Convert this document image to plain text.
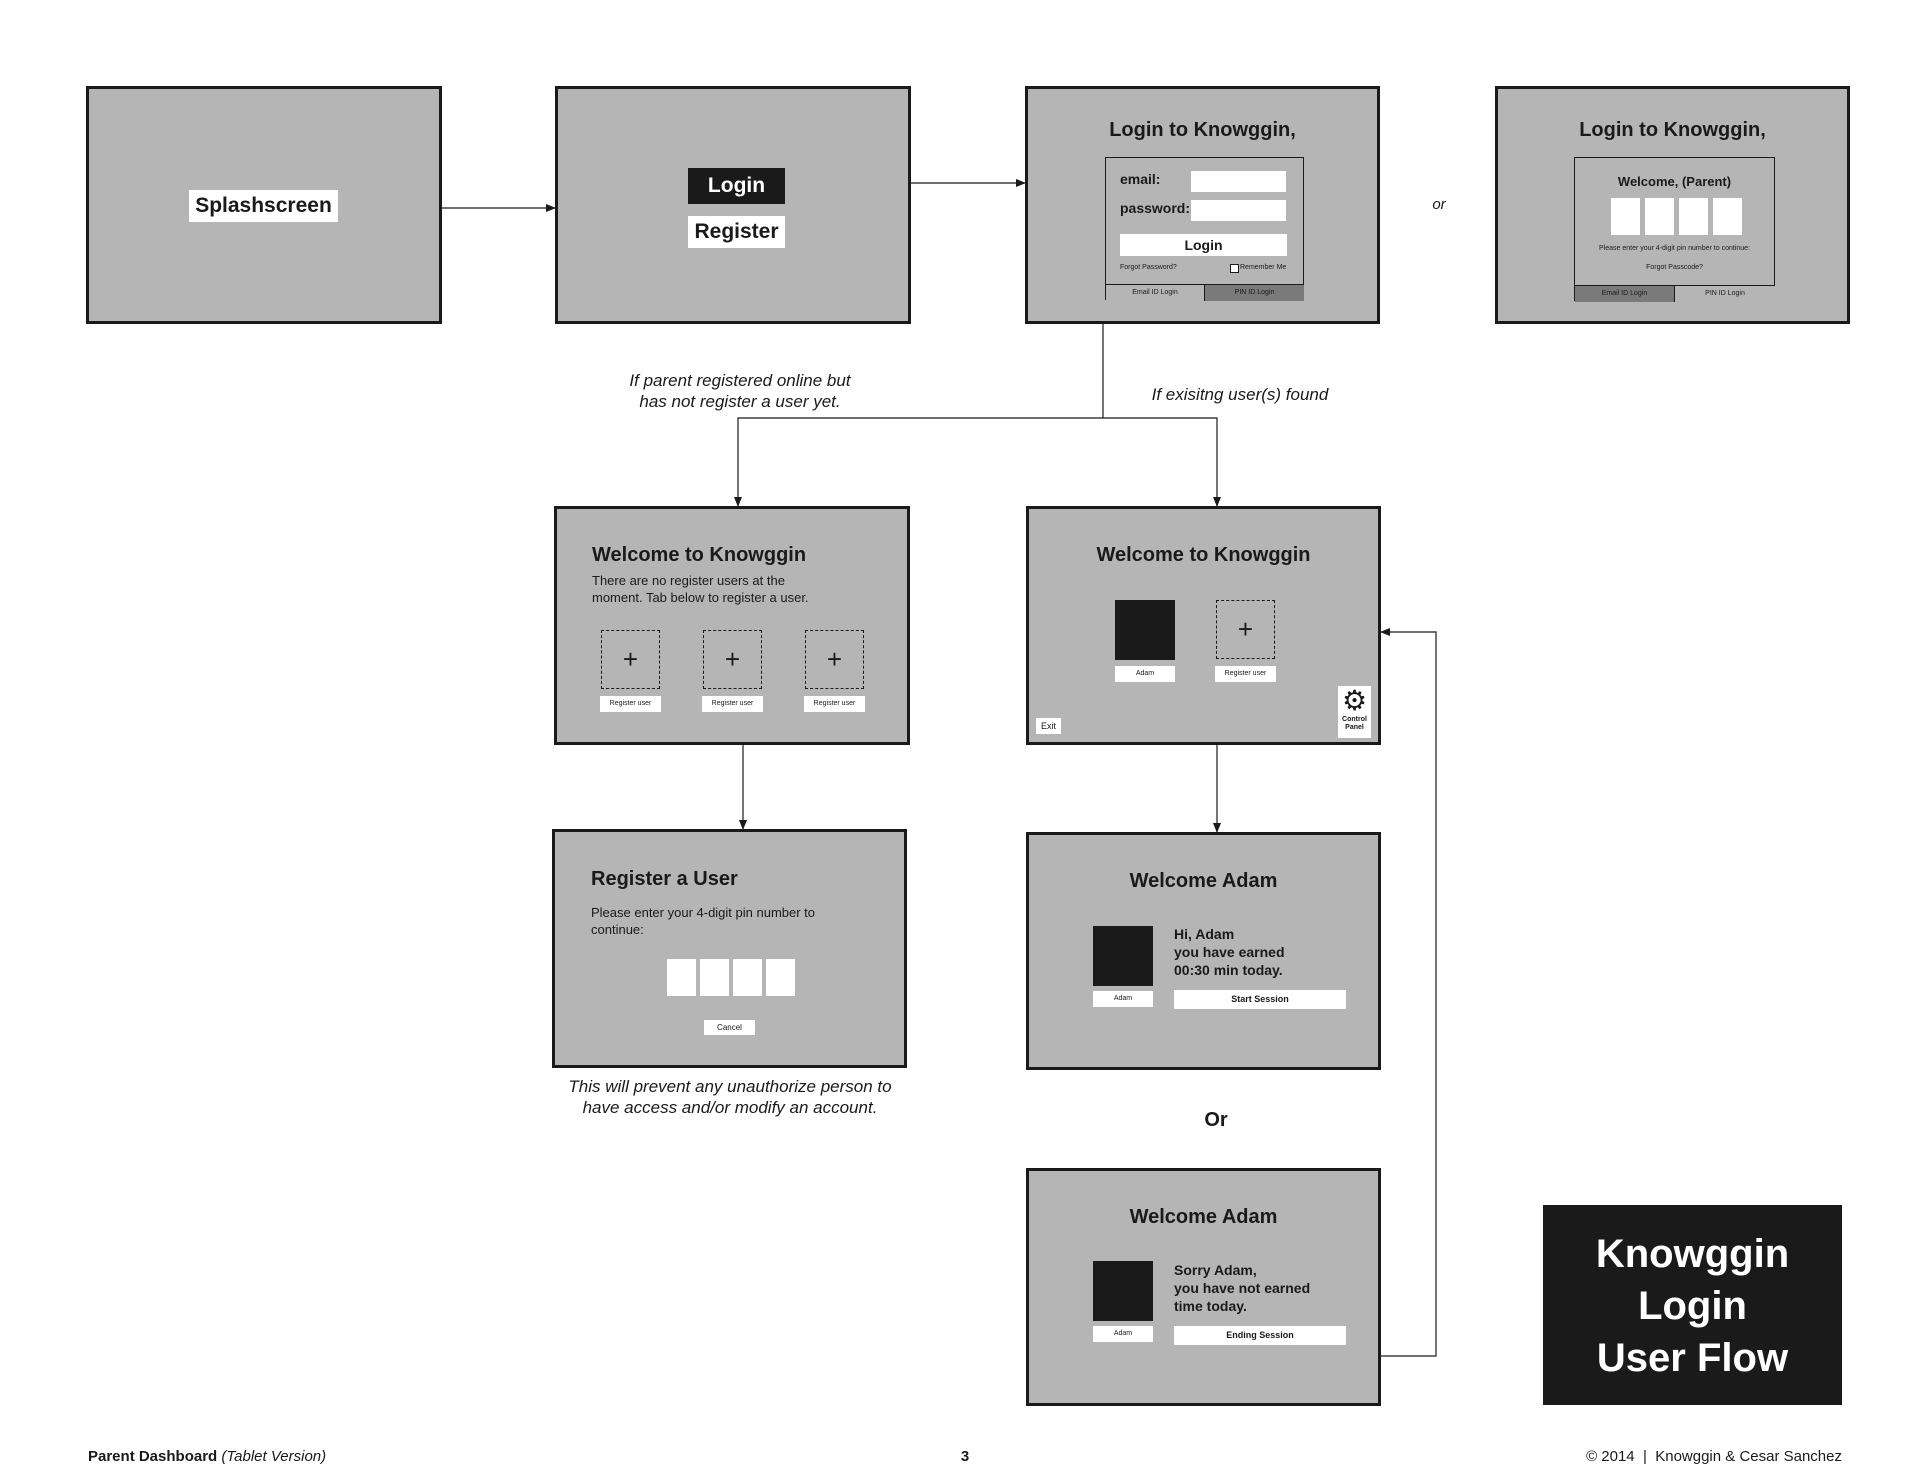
Splashscreen
Login
Register
Login to Knowggin,
email:
password:
Login
Forgot Password?	Remember Me
Email ID Login	PIN ID Login
or
Login to Knowggin,
Welcome, (Parent)
Please enter your 4-digit pin number to continue:
Forgot Passcode?
Email ID Login	PIN ID Login
If parent registered online but
has not register a user yet.	If exisitng user(s) found
Welcome to Knowggin
There are no register users at the
moment. Tab below to register a user.
+
Register user
+
Register user
+
Register user
Welcome to Knowggin
Adam
+
Register user
Exit
⚙
Control
Panel
Register a User
Please enter your 4-digit pin number to
continue:
Cancel
This will prevent any unauthorize person to
have access and/or modify an account.
Welcome Adam
Adam
Hi, Adam
you have earned
00:30 min today.
Start Session
Or
Welcome Adam
Adam
Sorry Adam,
you have not earned
time today.
Ending Session
Knowggin
Login
User Flow
Parent Dashboard (Tablet Version)	3	© 2014  |  Knowggin & Cesar Sanchez
